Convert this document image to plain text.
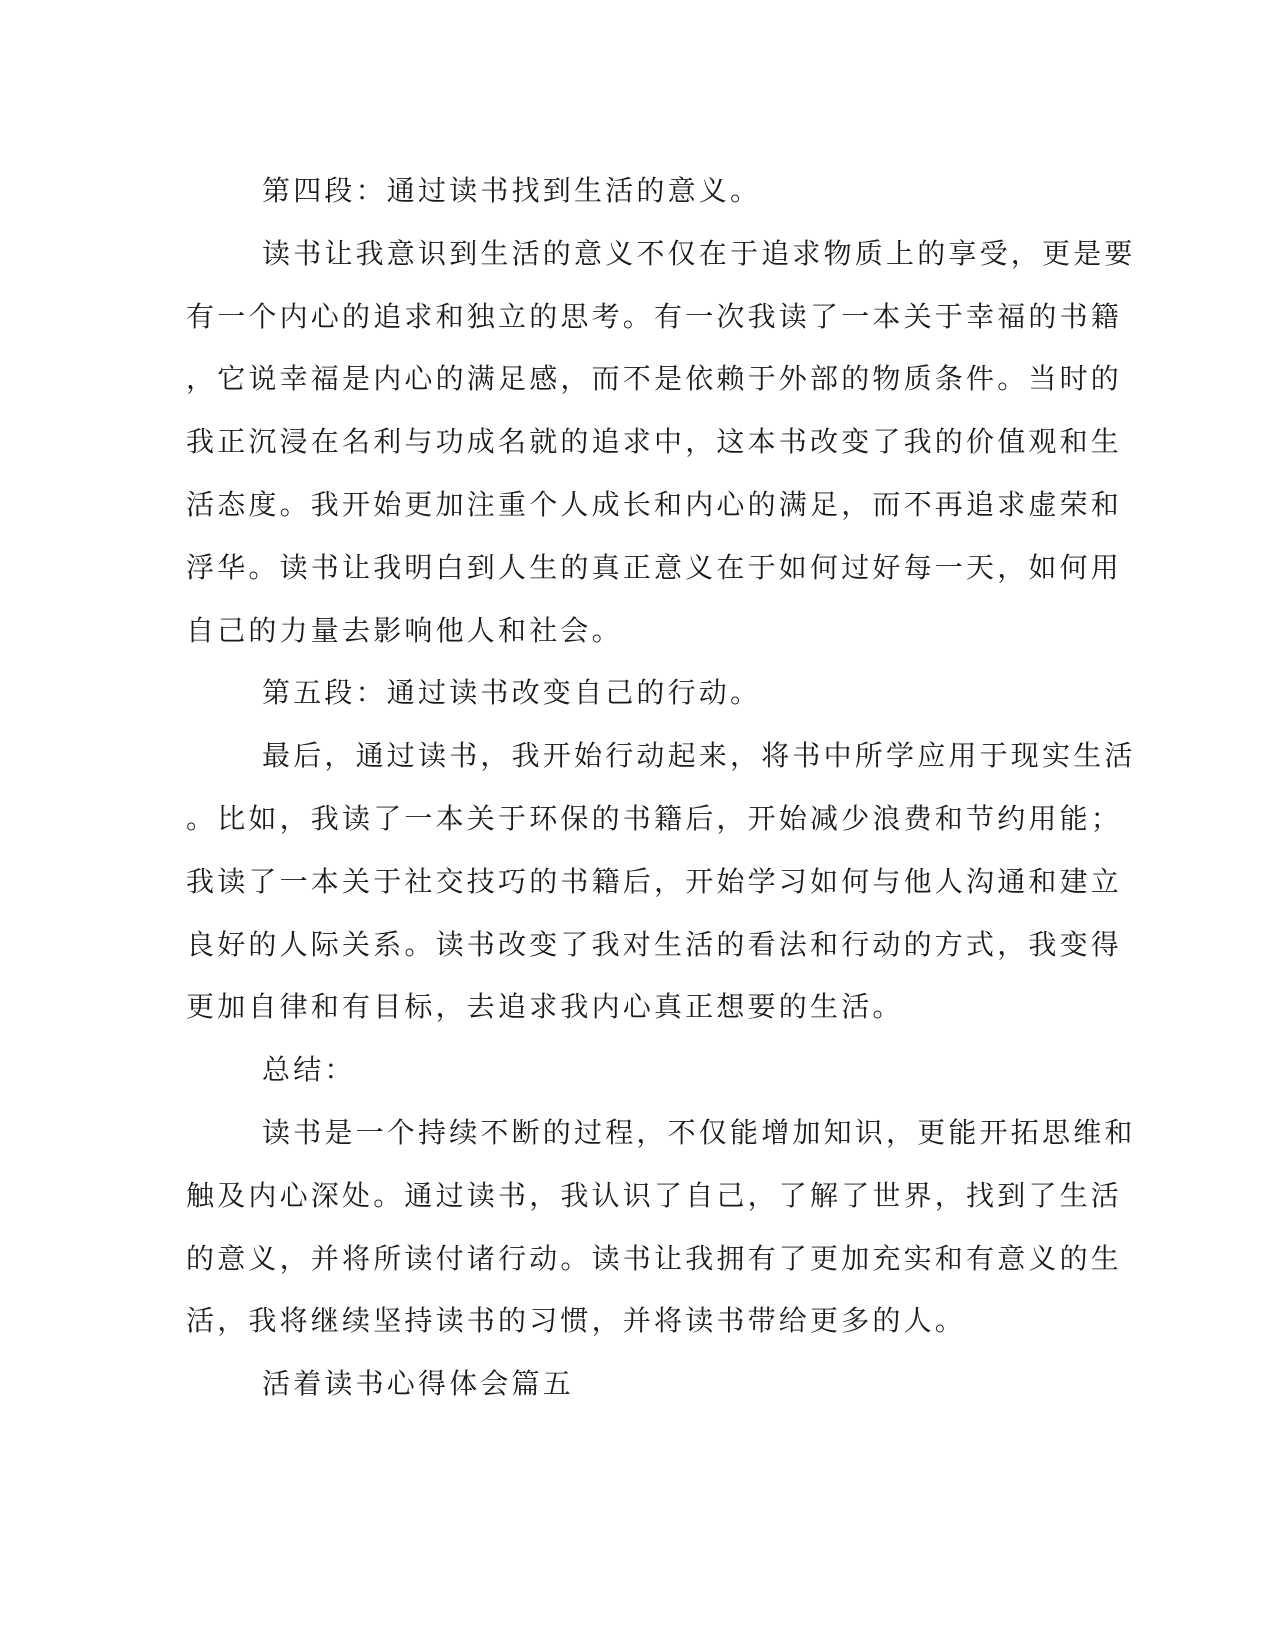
第四段：通过读书找到生活的意义。
读书让我意识到生活的意义不仅在于追求物质上的享受，更是要
有一个内心的追求和独立的思考。有一次我读了一本关于幸福的书籍
，它说幸福是内心的满足感，而不是依赖于外部的物质条件。当时的
我正沉浸在名利与功成名就的追求中，这本书改变了我的价值观和生
活态度。我开始更加注重个人成长和内心的满足，而不再追求虚荣和
浮华。读书让我明白到人生的真正意义在于如何过好每一天，如何用
自己的力量去影响他人和社会。
第五段：通过读书改变自己的行动。
最后，通过读书，我开始行动起来，将书中所学应用于现实生活
。比如，我读了一本关于环保的书籍后，开始减少浪费和节约用能；
我读了一本关于社交技巧的书籍后，开始学习如何与他人沟通和建立
良好的人际关系。读书改变了我对生活的看法和行动的方式，我变得
更加自律和有目标，去追求我内心真正想要的生活。
总结：
读书是一个持续不断的过程，不仅能增加知识，更能开拓思维和
触及内心深处。通过读书，我认识了自己，了解了世界，找到了生活
的意义，并将所读付诸行动。读书让我拥有了更加充实和有意义的生
活，我将继续坚持读书的习惯，并将读书带给更多的人。
活着读书心得体会篇五
